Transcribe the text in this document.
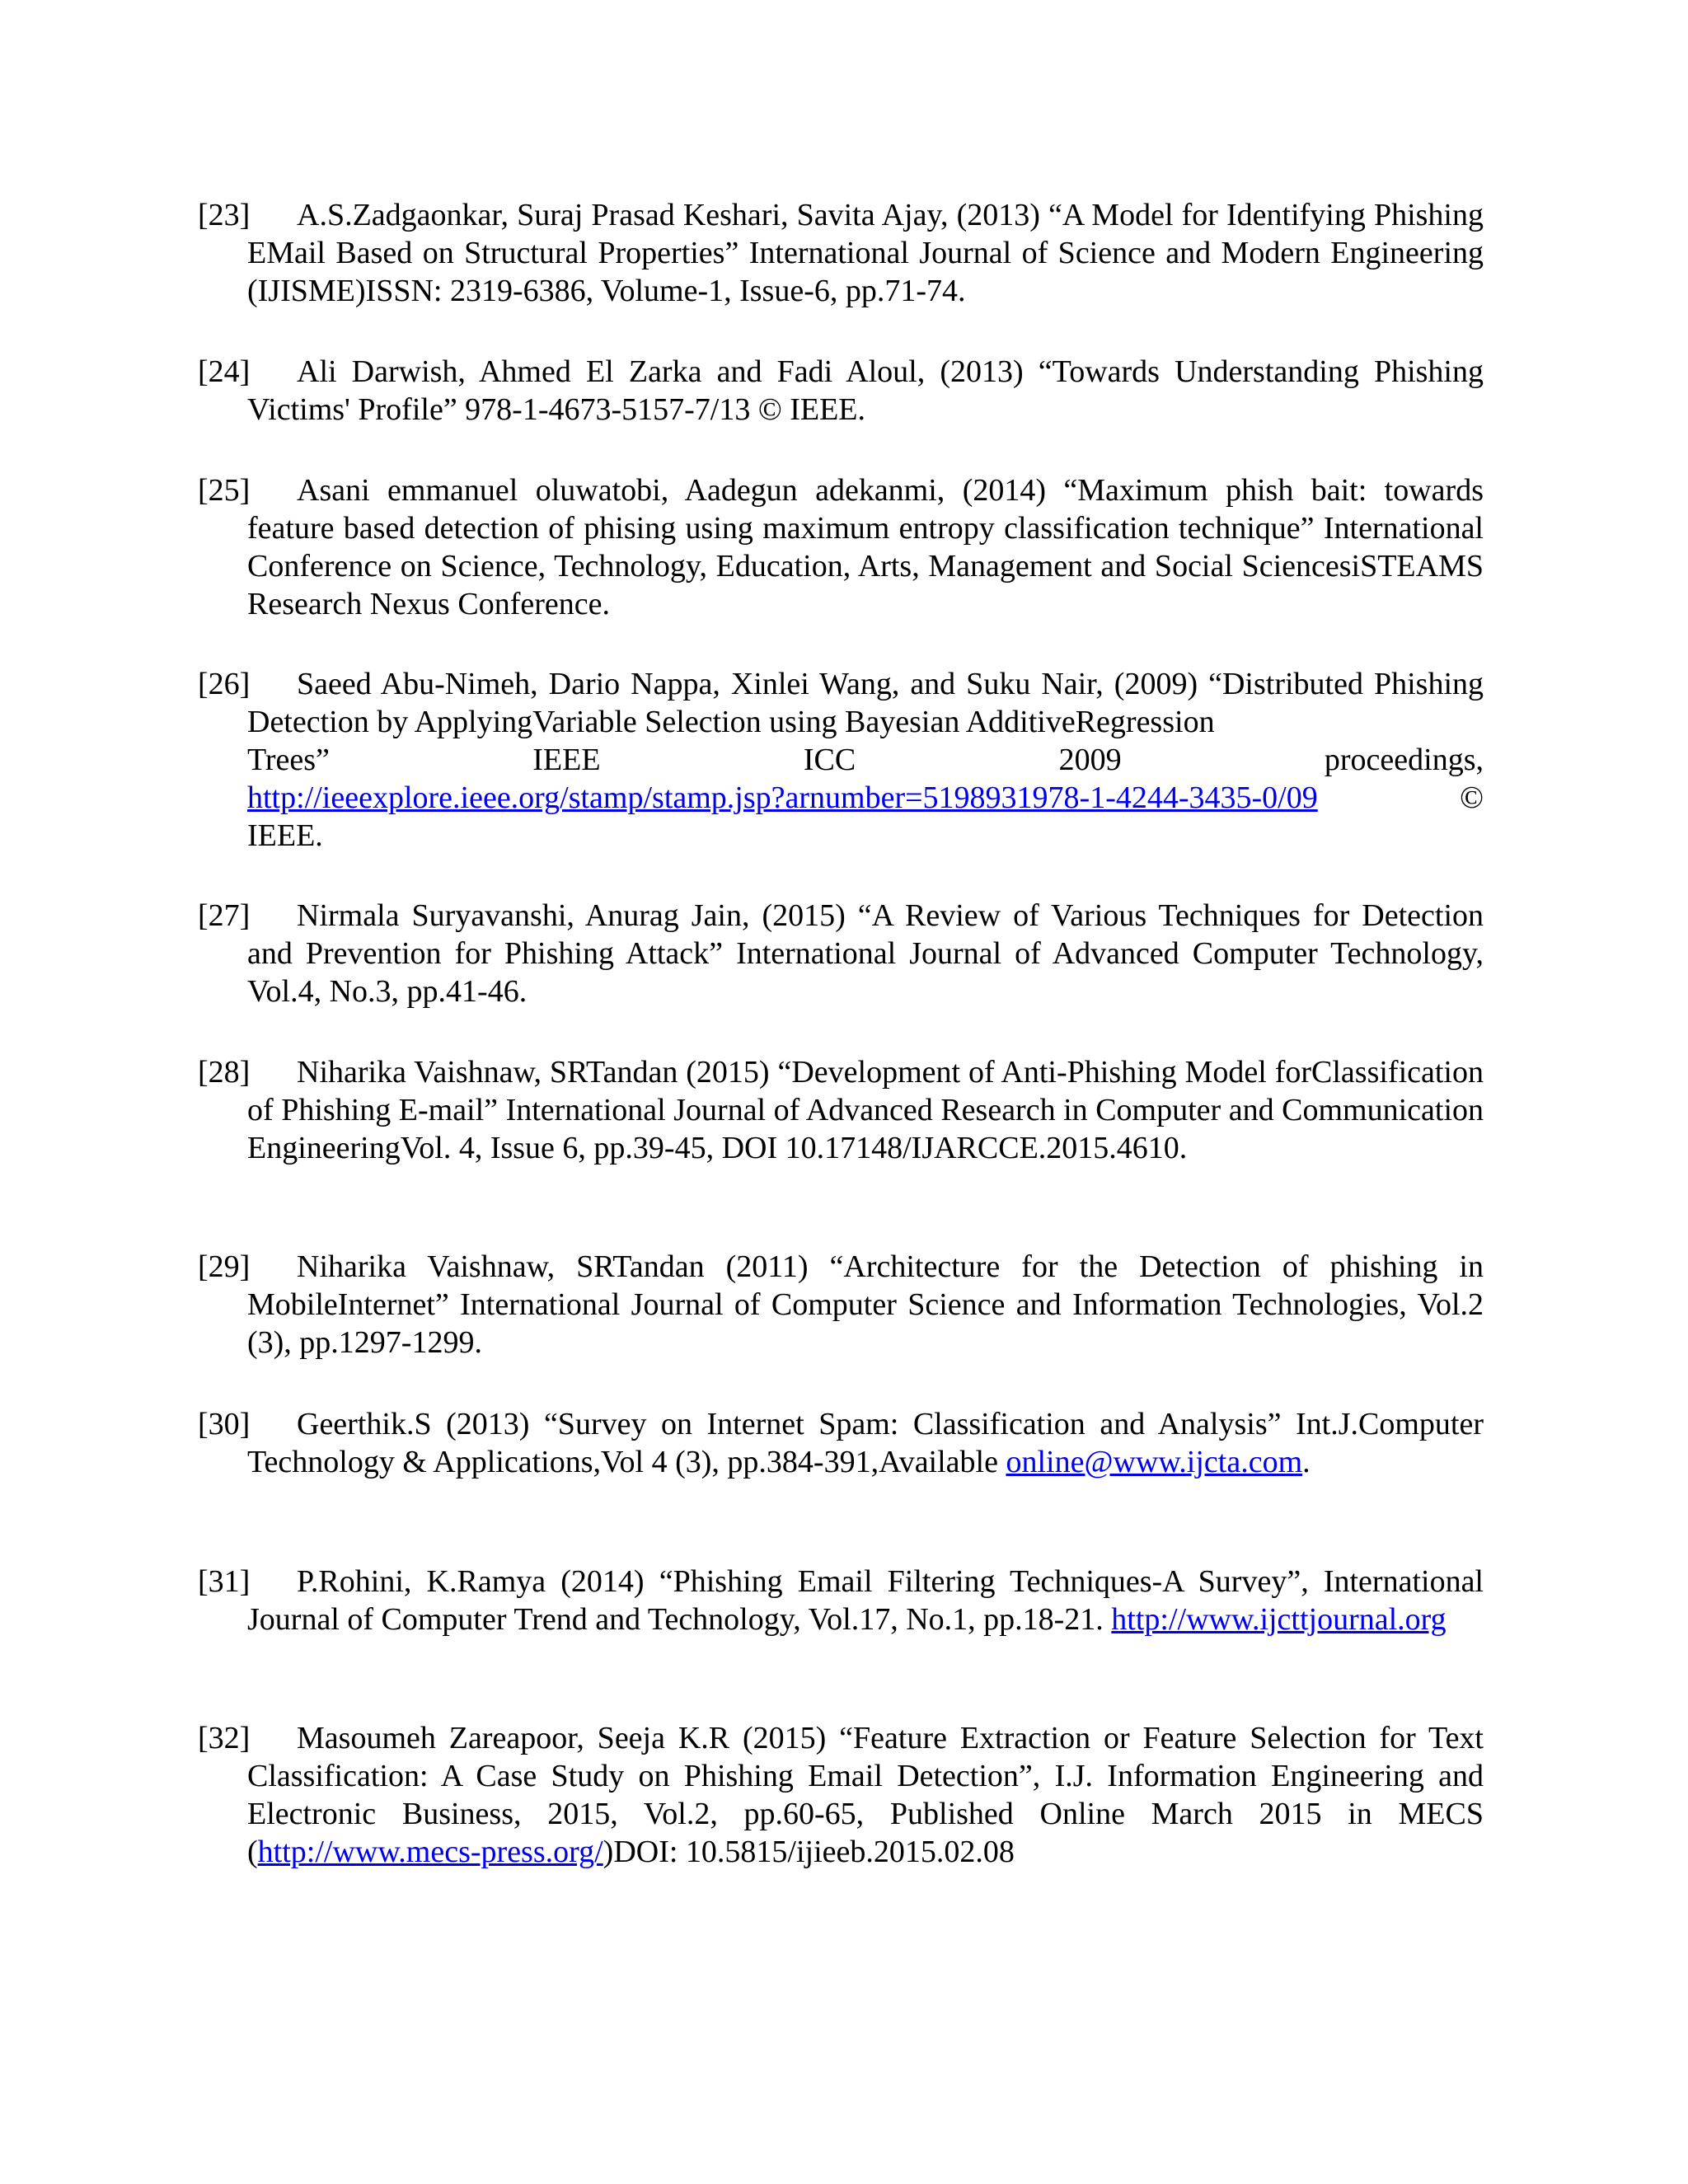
[23] A.S.Zadgaonkar, Suraj Prasad Keshari, Savita Ajay, (2013) “A Model for Identifying Phishing EMail Based on Structural Properties” International Journal of Science and Modern Engineering (IJISME)ISSN: 2319-6386, Volume-1, Issue-6, pp.71-74.

[24] Ali Darwish, Ahmed El Zarka and Fadi Aloul, (2013) “Towards Understanding Phishing Victims' Profile” 978-1-4673-5157-7/13 © IEEE.

[25] Asani emmanuel oluwatobi, Aadegun adekanmi, (2014) “Maximum phish bait: towards feature based detection of phising using maximum entropy classification technique” International Conference on Science, Technology, Education, Arts, Management and Social SciencesiSTEAMS Research Nexus Conference.

[26] Saeed Abu-Nimeh, Dario Nappa, Xinlei Wang, and Suku Nair, (2009) “Distributed Phishing Detection by ApplyingVariable Selection using Bayesian AdditiveRegression
Trees”	IEEE	ICC	2009	proceedings,
http://ieeexplore.ieee.org/stamp/stamp.jsp?arnumber=5198931978-1-4244-3435-0/09	©
IEEE.

[27] Nirmala Suryavanshi, Anurag Jain, (2015) “A Review of Various Techniques for Detection and Prevention for Phishing Attack” International Journal of Advanced Computer Technology, Vol.4, No.3, pp.41-46.

[28] Niharika Vaishnaw, SRTandan (2015) “Development of Anti-Phishing Model forClassification of Phishing E-mail” International Journal of Advanced Research in Computer and Communication EngineeringVol. 4, Issue 6, pp.39-45, DOI 10.17148/IJARCCE.2015.4610.

[29] Niharika Vaishnaw, SRTandan (2011) “Architecture for the Detection of phishing in MobileInternet” International Journal of Computer Science and Information Technologies, Vol.2 (3), pp.1297-1299.

[30] Geerthik.S (2013) “Survey on Internet Spam: Classification and Analysis” Int.J.Computer Technology & Applications,Vol 4 (3), pp.384-391,Available online@www.ijcta.com.

[31] P.Rohini, K.Ramya (2014) “Phishing Email Filtering Techniques-A Survey”, International Journal of Computer Trend and Technology, Vol.17, No.1, pp.18-21. http://www.ijcttjournal.org

[32] Masoumeh Zareapoor, Seeja K.R (2015) “Feature Extraction or Feature Selection for Text Classification: A Case Study on Phishing Email Detection”, I.J. Information Engineering and Electronic Business, 2015, Vol.2, pp.60-65, Published Online March 2015 in MECS (http://www.mecs-press.org/)DOI: 10.5815/ijieeb.2015.02.08
